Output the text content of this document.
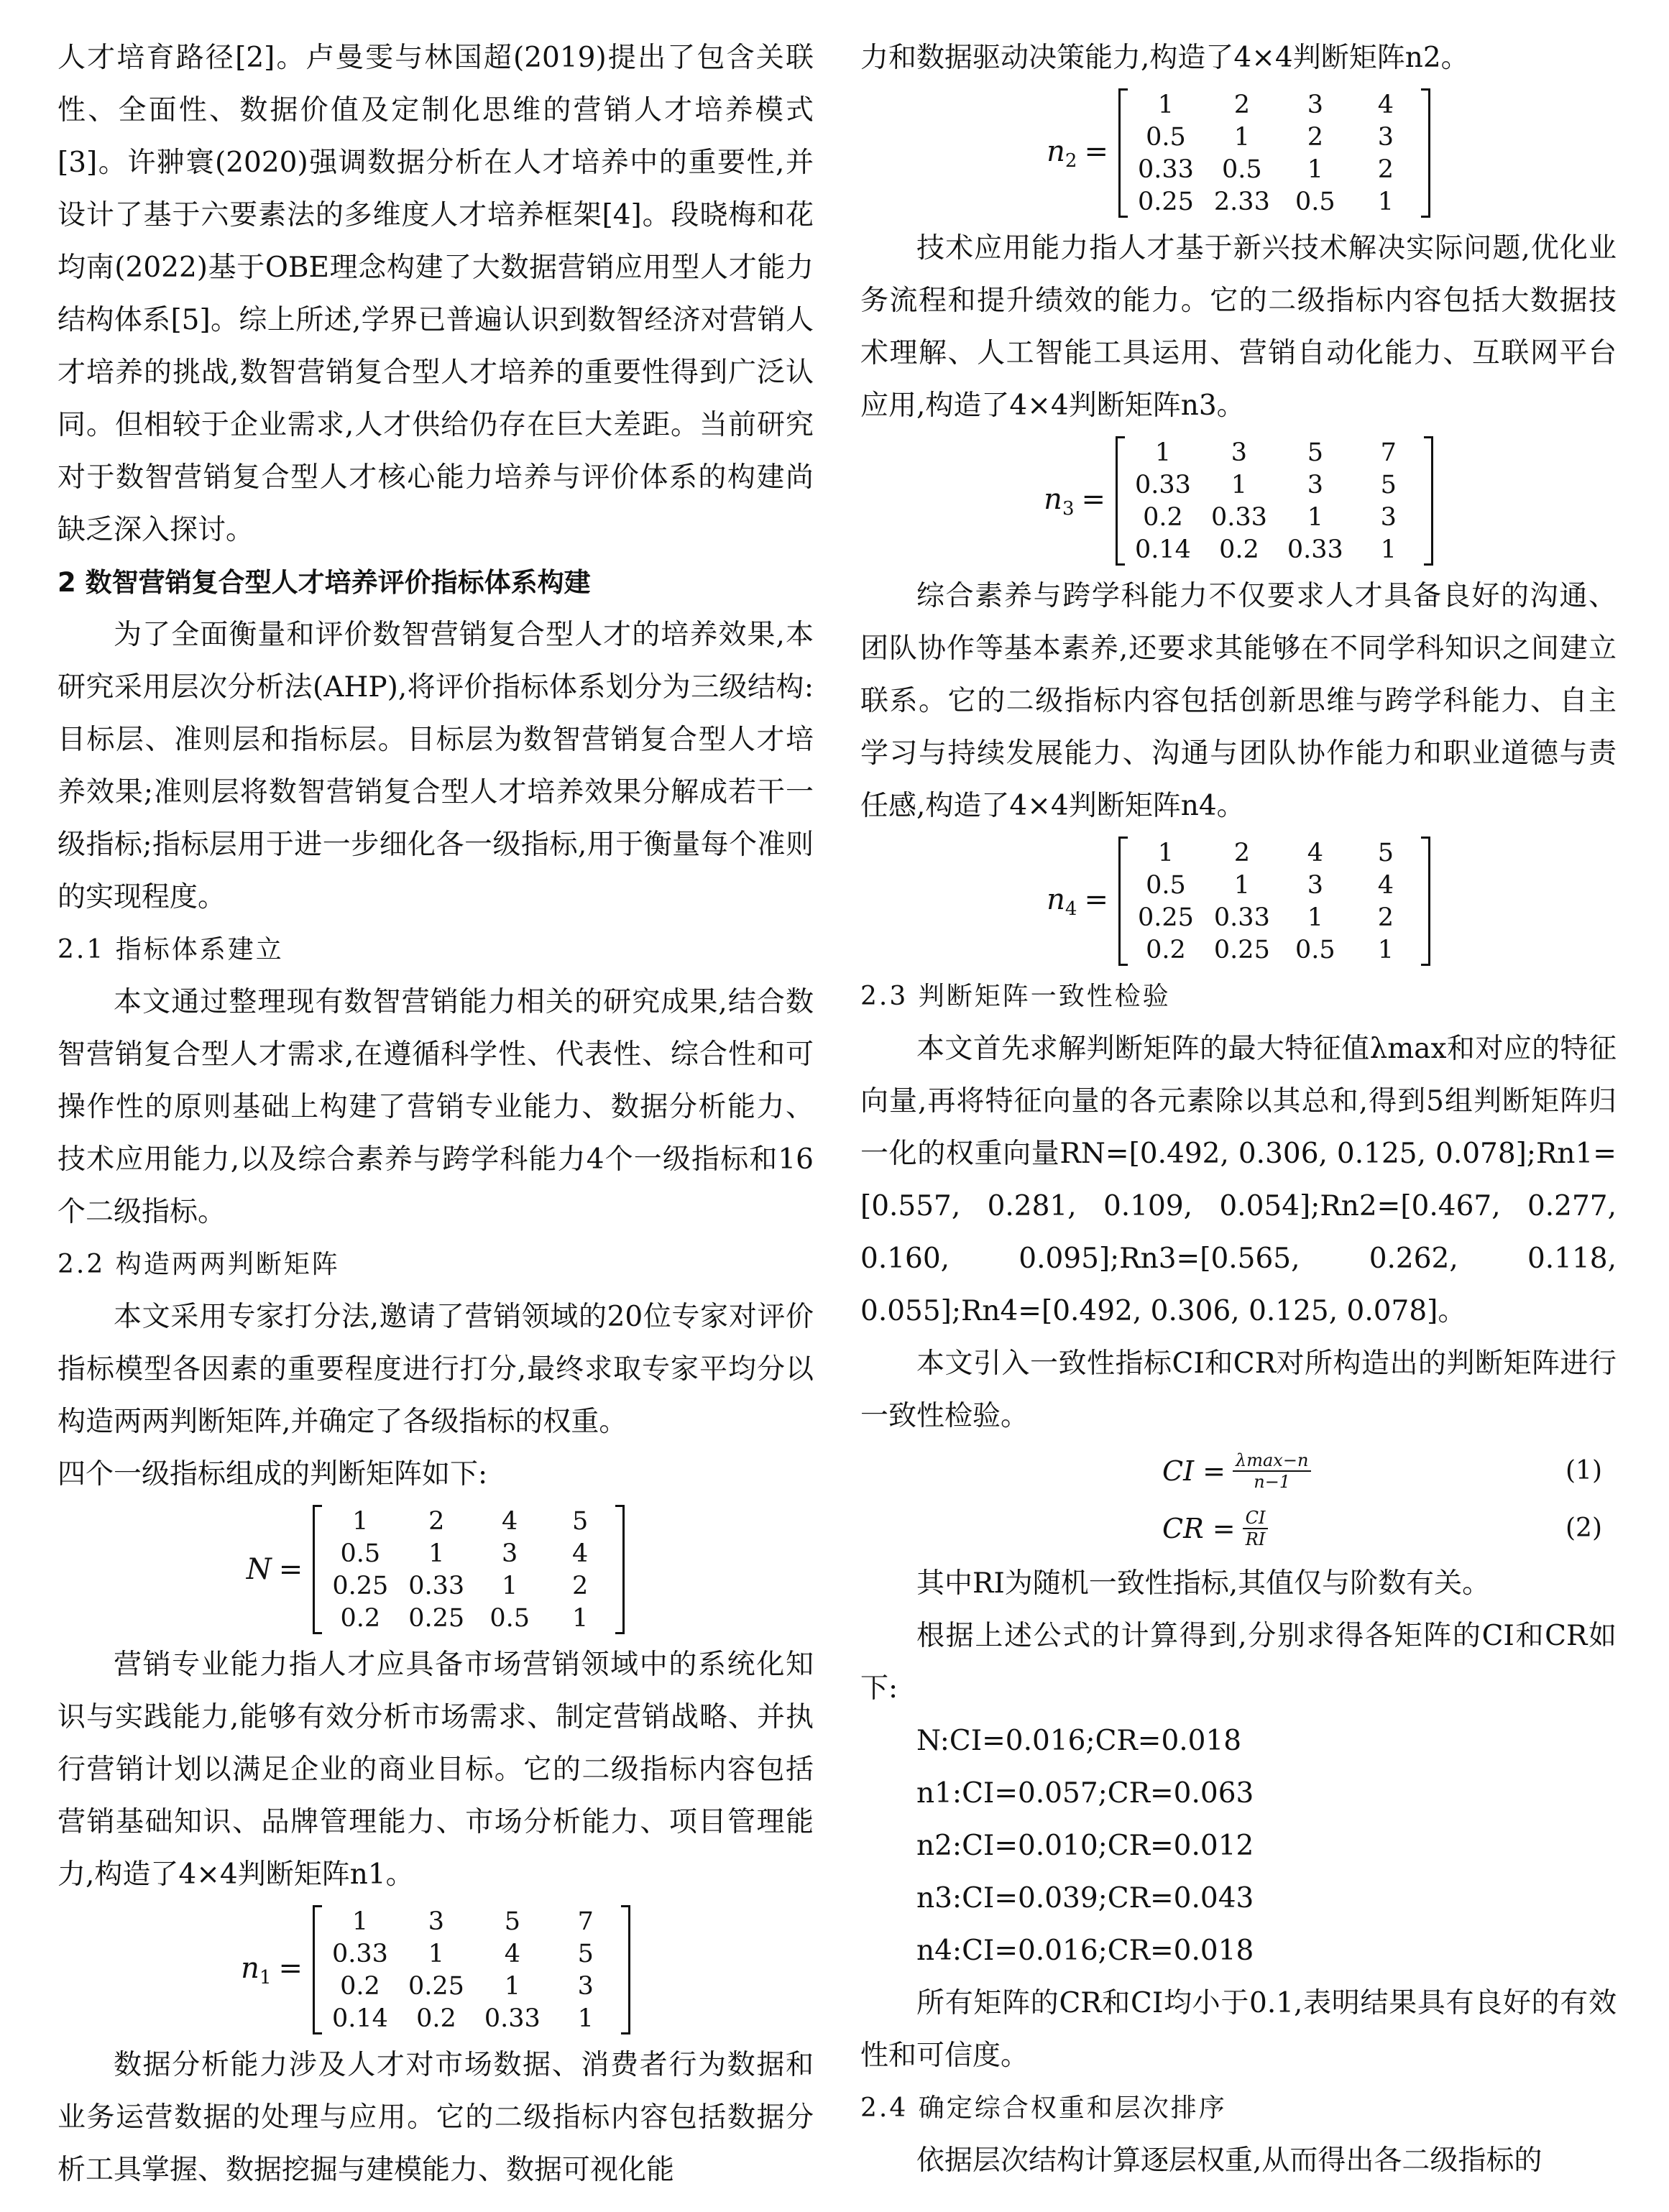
人才培育路径[2]。卢曼雯与林国超(2019)提出了包含关联性、全面性、数据价值及定制化思维的营销人才培养模式[3]。许翀寰(2020)强调数据分析在人才培养中的重要性,并设计了基于六要素法的多维度人才培养框架[4]。段晓梅和花均南(2022)基于OBE理念构建了大数据营销应用型人才能力结构体系[5]。综上所述,学界已普遍认识到数智经济对营销人才培养的挑战,数智营销复合型人才培养的重要性得到广泛认同。但相较于企业需求,人才供给仍存在巨大差距。当前研究对于数智营销复合型人才核心能力培养与评价体系的构建尚缺乏深入探讨。

2 数智营销复合型人才培养评价指标体系构建

为了全面衡量和评价数智营销复合型人才的培养效果,本研究采用层次分析法(AHP),将评价指标体系划分为三级结构:目标层、准则层和指标层。目标层为数智营销复合型人才培养效果;准则层将数智营销复合型人才培养效果分解成若干一级指标;指标层用于进一步细化各一级指标,用于衡量每个准则的实现程度。

2.1 指标体系建立

本文通过整理现有数智营销能力相关的研究成果,结合数智营销复合型人才需求,在遵循科学性、代表性、综合性和可操作性的原则基础上构建了营销专业能力、数据分析能力、技术应用能力,以及综合素养与跨学科能力4个一级指标和16个二级指标。

2.2 构造两两判断矩阵

本文采用专家打分法,邀请了营销领域的20位专家对评价指标模型各因素的重要程度进行打分,最终求取专家平均分以构造两两判断矩阵,并确定了各级指标的权重。

四个一级指标组成的判断矩阵如下:

N =
1	2	4	5
0.5	1	3	4
0.25	0.33	1	2
0.2	0.25	0.5	1

营销专业能力指人才应具备市场营销领域中的系统化知识与实践能力,能够有效分析市场需求、制定营销战略、并执行营销计划以满足企业的商业目标。它的二级指标内容包括营销基础知识、品牌管理能力、市场分析能力、项目管理能力,构造了4×4判断矩阵n1。

$n_1$ =
1	3	5	7
0.33	1	4	5
0.2	0.25	1	3
0.14	0.2	0.33	1

数据分析能力涉及人才对市场数据、消费者行为数据和业务运营数据的处理与应用。它的二级指标内容包括数据分析工具掌握、数据挖掘与建模能力、数据可视化能

力和数据驱动决策能力,构造了4×4判断矩阵n2。

$n_2$ =
1	2	3	4
0.5	1	2	3
0.33	0.5	1	2
0.25	2.33	0.5	1

技术应用能力指人才基于新兴技术解决实际问题,优化业务流程和提升绩效的能力。它的二级指标内容包括大数据技术理解、人工智能工具运用、营销自动化能力、互联网平台应用,构造了4×4判断矩阵n3。

$n_3$ =
1	3	5	7
0.33	1	3	5
0.2	0.33	1	3
0.14	0.2	0.33	1

综合素养与跨学科能力不仅要求人才具备良好的沟通、团队协作等基本素养,还要求其能够在不同学科知识之间建立联系。它的二级指标内容包括创新思维与跨学科能力、自主学习与持续发展能力、沟通与团队协作能力和职业道德与责任感,构造了4×4判断矩阵n4。

$n_4$ =
1	2	4	5
0.5	1	3	4
0.25	0.33	1	2
0.2	0.25	0.5	1

2.3 判断矩阵一致性检验

本文首先求解判断矩阵的最大特征值λmax和对应的特征向量,再将特征向量的各元素除以其总和,得到5组判断矩阵归一化的权重向量RN=[0.492, 0.306, 0.125, 0.078];Rn1=[0.557, 0.281, 0.109, 0.054];Rn2=[0.467, 0.277, 0.160, 0.095];Rn3=[0.565, 0.262, 0.118, 0.055];Rn4=[0.492, 0.306, 0.125, 0.078]。

本文引入一致性指标CI和CR对所构造出的判断矩阵进行一致性检验。

CI = $\frac{\lambda\max-n}{n-1}$	(1)
CR = $\frac{CI}{RI}$	(2)

其中RI为随机一致性指标,其值仅与阶数有关。

根据上述公式的计算得到,分别求得各矩阵的CI和CR如下:

N:CI=0.016;CR=0.018

n1:CI=0.057;CR=0.063

n2:CI=0.010;CR=0.012

n3:CI=0.039;CR=0.043

n4:CI=0.016;CR=0.018

所有矩阵的CR和CI均小于0.1,表明结果具有良好的有效性和可信度。

2.4 确定综合权重和层次排序

依据层次结构计算逐层权重,从而得出各二级指标的
